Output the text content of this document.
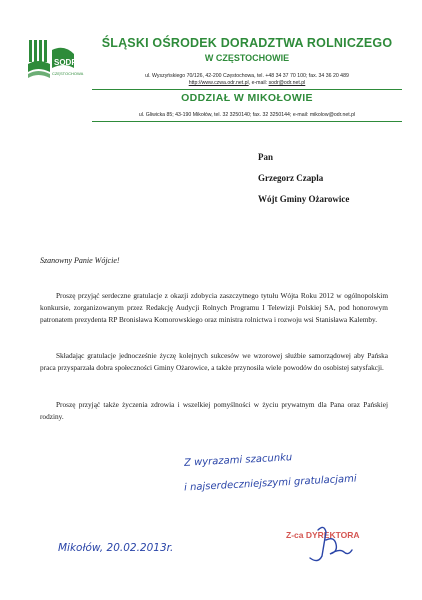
SODR
CZĘSTOCHOWA
ŚLĄSKI OŚRODEK DORADZTWA ROLNICZEGO
W CZĘSTOCHOWIE
ul. Wyszyńskiego 70/126, 42-200 Częstochowa, tel. +48 34 37 70 100; fax. 34 36 20 489
http://www.czwa.odr.net.pl, e-mail: sodr@odr.net.pl
ODDZIAŁ W MIKOŁOWIE
ul. Gliwicka 85; 43-190 Mikołów, tel. 32 3250140; fax. 32 3250144; e-mail: mikolow@odr.net.pl
Pan
Grzegorz Czapla
Wójt Gminy Ożarowice
Szanowny Panie Wójcie!
Proszę przyjąć serdeczne gratulacje z okazji zdobycia zaszczytnego tytułu Wójta Roku 2012 w ogólnopolskim konkursie, zorganizowanym przez Redakcję Audycji Rolnych Programu I Telewizji Polskiej SA, pod honorowym patronatem prezydenta RP Bronisława Komorowskiego oraz ministra rolnictwa i rozwoju wsi Stanisława Kalemby.
Składając gratulacje jednocześnie życzę kolejnych sukcesów we wzorowej służbie samorządowej aby Pańska praca przysparzała dobra społeczności Gminy Ożarowice, a także przynosiła wiele powodów do osobistej satysfakcji.
Proszę przyjąć także życzenia zdrowia i wszelkiej pomyślności w życiu prywatnym dla Pana oraz Pańskiej rodziny.
Z wyrazami szacunku
i najserdeczniejszymi gratulacjami
Mikołów, 20.02.2013r.
Z-ca DYREKTORA
